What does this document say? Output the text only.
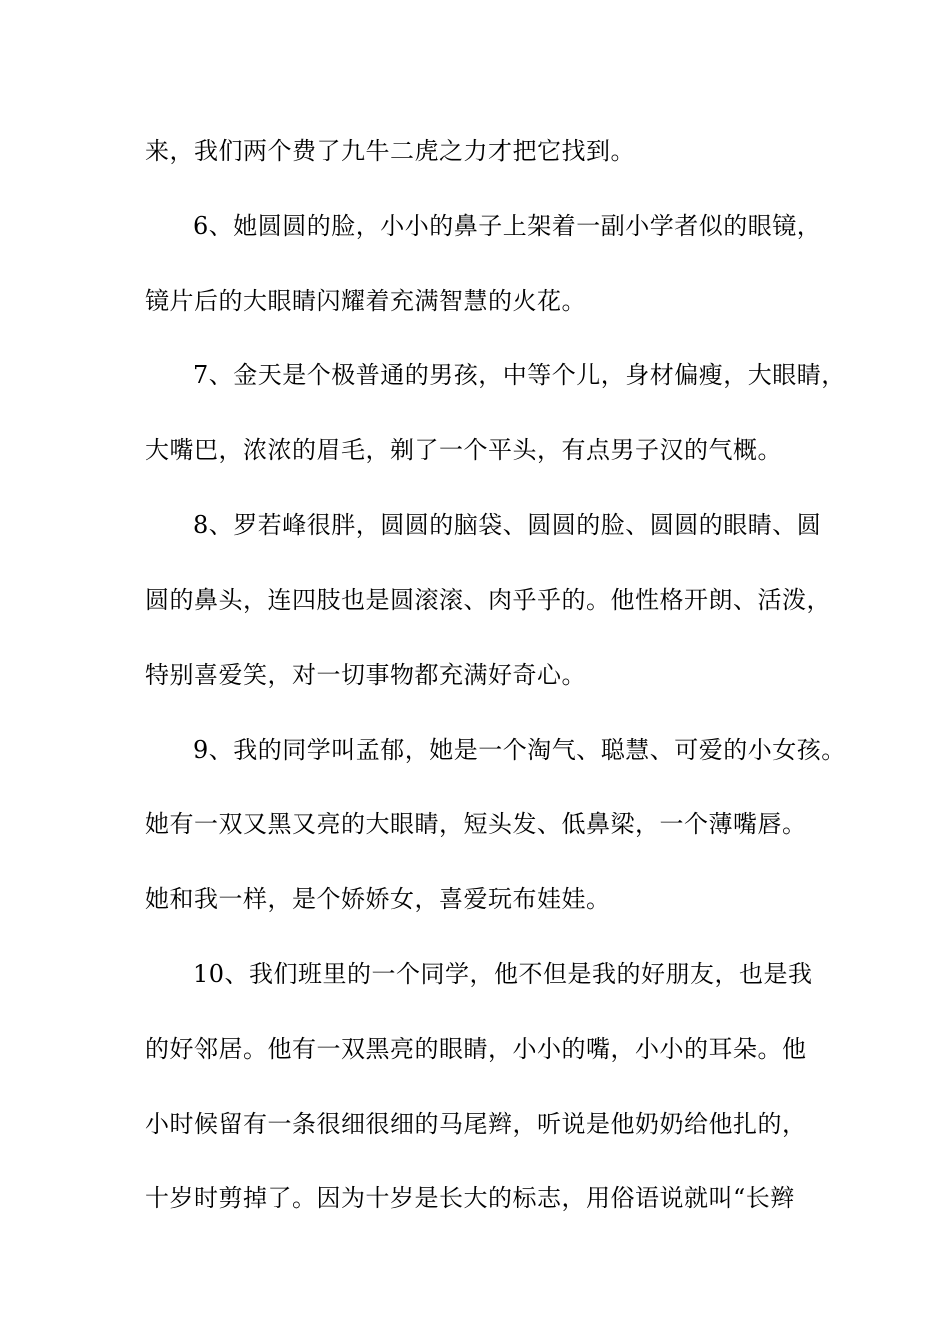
来，我们两个费了九牛二虎之力才把它找到。
6、她圆圆的脸，小小的鼻子上架着一副小学者似的眼镜，
镜片后的大眼睛闪耀着充满智慧的火花。
7、金天是个极普通的男孩，中等个儿，身材偏瘦，大眼睛，
大嘴巴，浓浓的眉毛，剃了一个平头，有点男子汉的气概。
8、罗若峰很胖，圆圆的脑袋、圆圆的脸、圆圆的眼睛、圆
圆的鼻头，连四肢也是圆滚滚、肉乎乎的。他性格开朗、活泼，
特别喜爱笑，对一切事物都充满好奇心。
9、我的同学叫孟郁，她是一个淘气、聪慧、可爱的小女孩。
她有一双又黑又亮的大眼睛，短头发、低鼻梁，一个薄嘴唇。
她和我一样，是个娇娇女，喜爱玩布娃娃。
10、我们班里的一个同学，他不但是我的好朋友，也是我
的好邻居。他有一双黑亮的眼睛，小小的嘴，小小的耳朵。他
小时候留有一条很细很细的马尾辫，听说是他奶奶给他扎的，
十岁时剪掉了。因为十岁是长大的标志，用俗语说就叫“长辫
